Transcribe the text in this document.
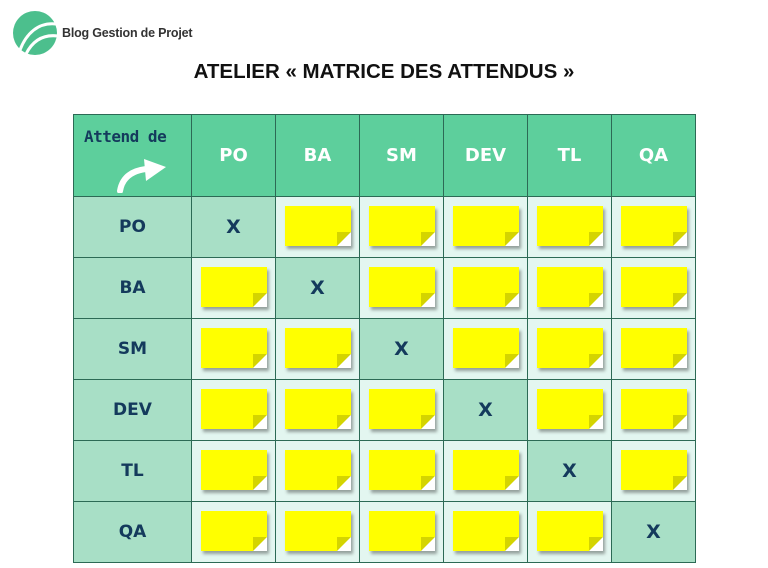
Blog Gestion de Projet
ATELIER « MATRICE DES ATTENDUS »
Attend de	PO	BA	SM	DEV	TL	QA
PO	X	

BA		X	

SM			X	

DEV				X	

TL					X	

QA						X
